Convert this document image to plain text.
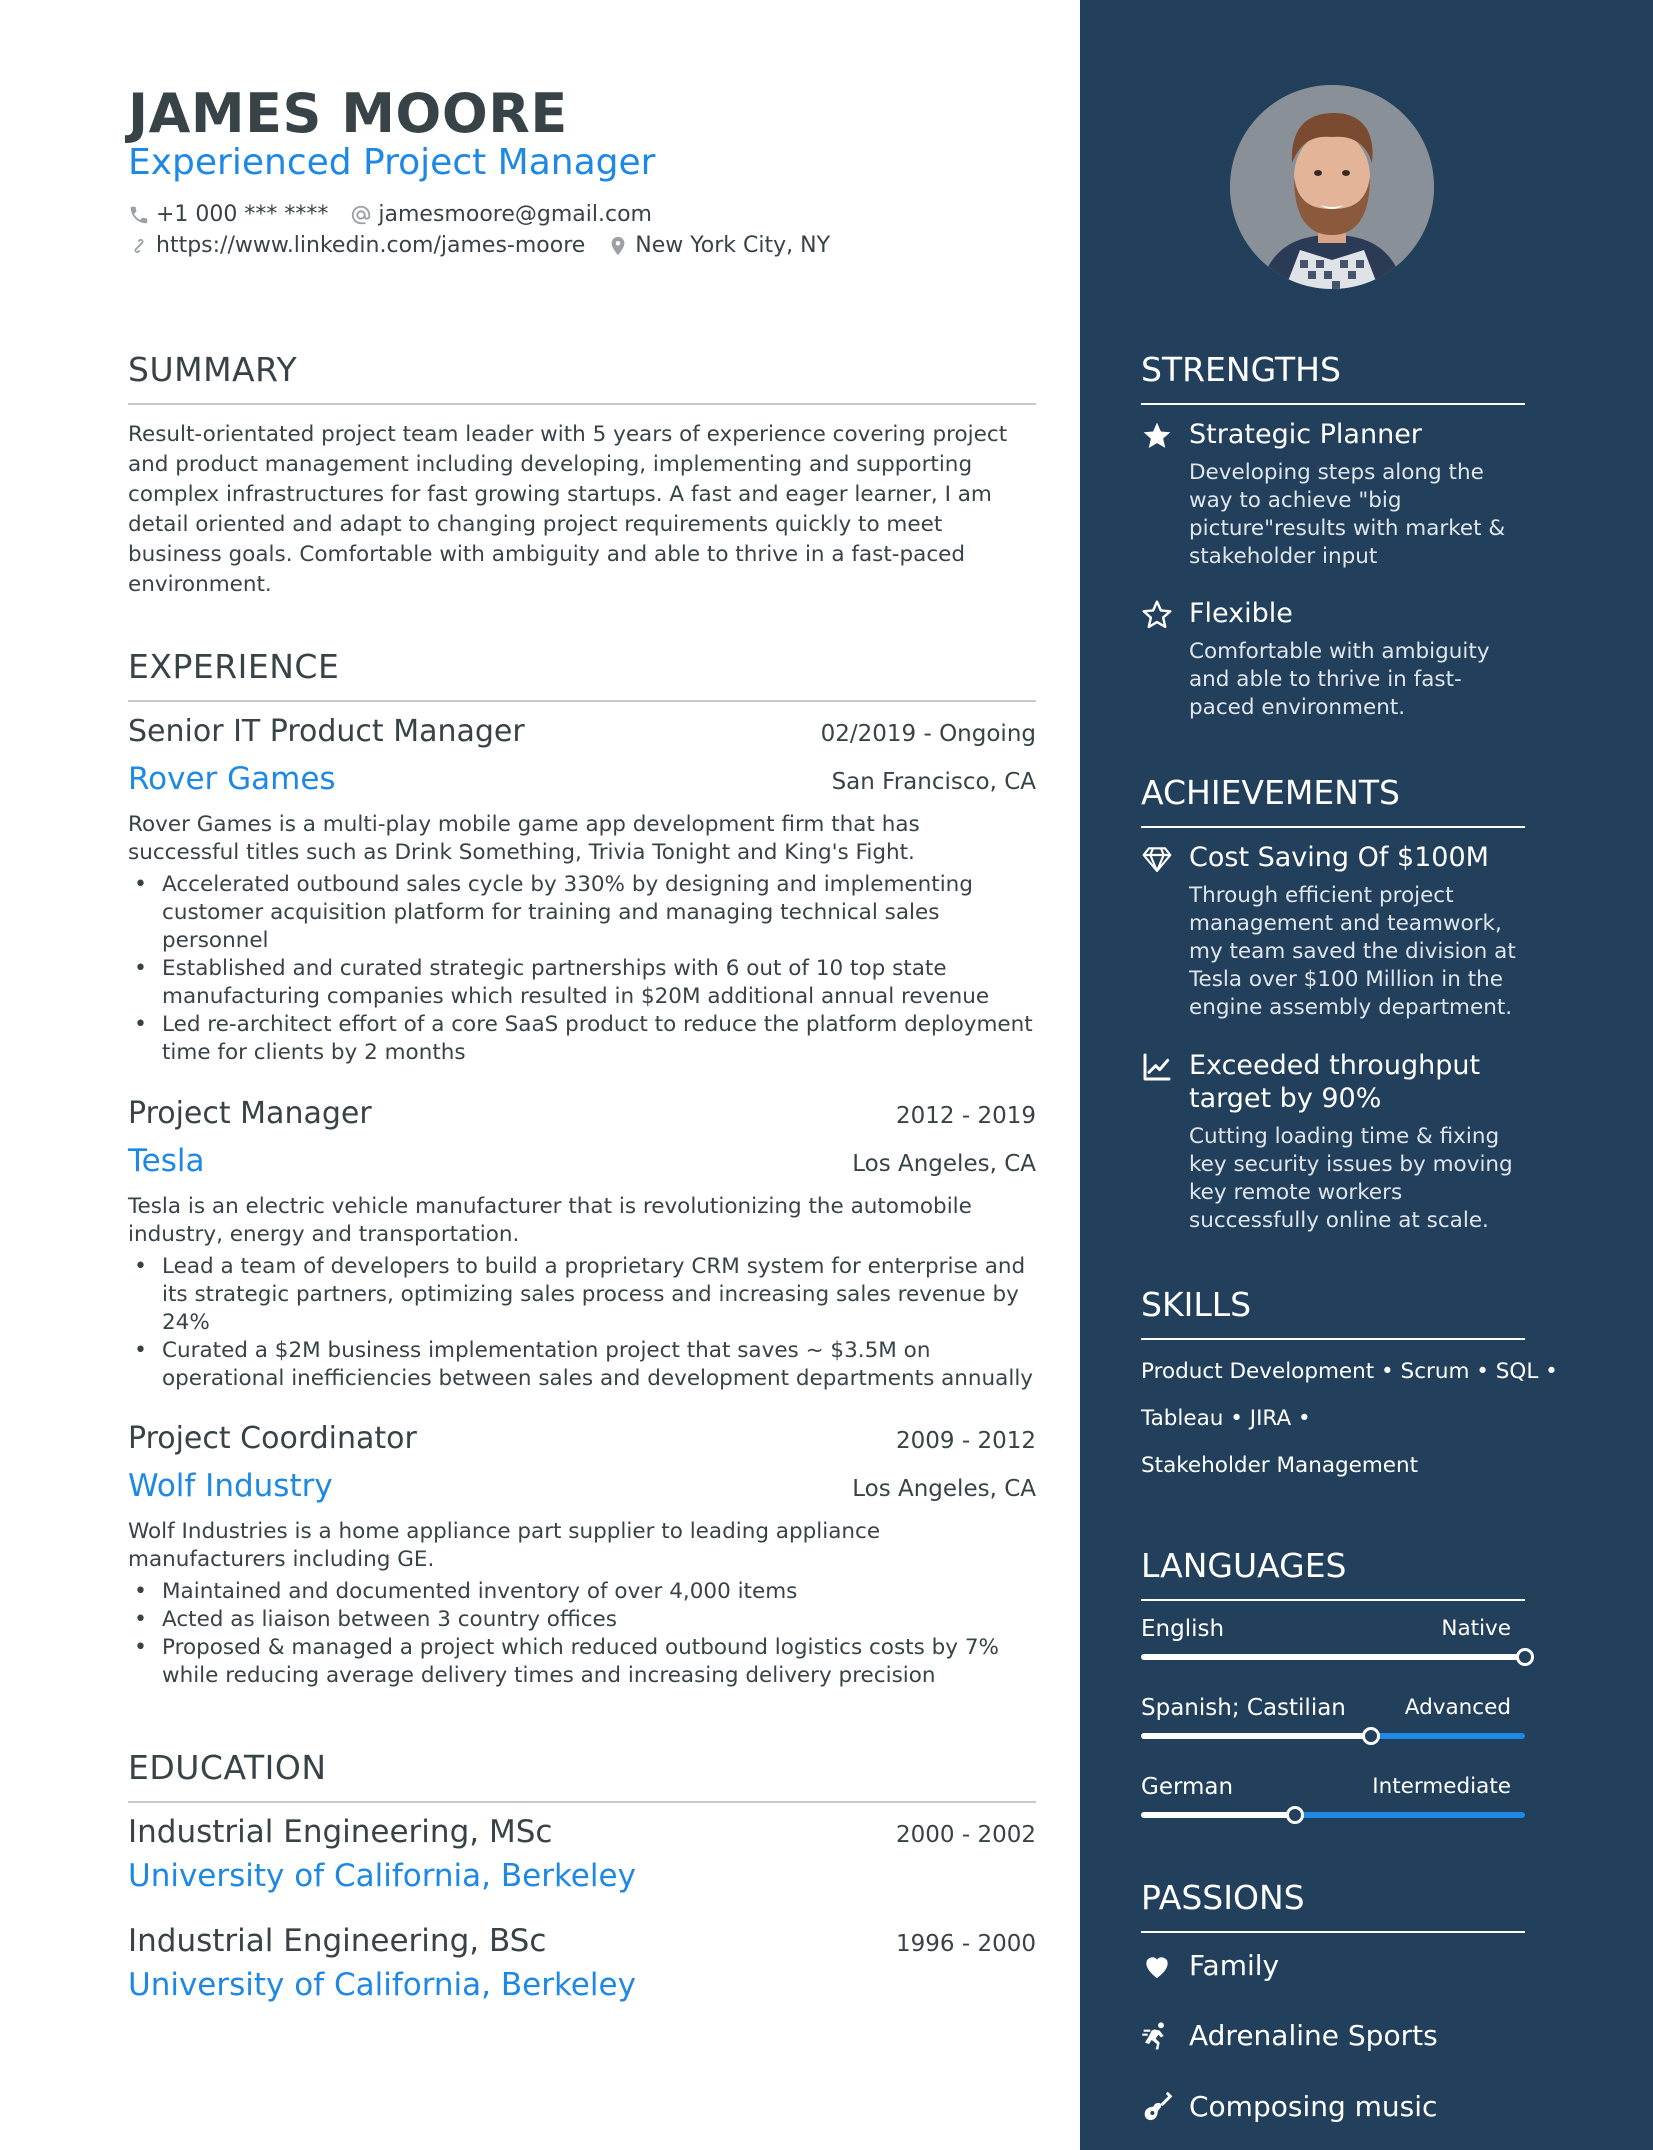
JAMES MOORE
Experienced Project Manager
+1 000 *** **** jamesmoore@gmail.com
https://www.linkedin.com/james-moore New York City, NY
SUMMARY
Result-orientated project team leader with 5 years of experience covering project and product management including developing, implementing and supporting complex infrastructures for fast growing startups. A fast and eager learner, I am detail oriented and adapt to changing project requirements quickly to meet business goals. Comfortable with ambiguity and able to thrive in a fast-paced environment.
EXPERIENCE
Senior IT Product Manager	02/2019 - Ongoing
Rover Games	San Francisco, CA
Rover Games is a multi-play mobile game app development firm that has successful titles such as Drink Something, Trivia Tonight and King's Fight.
• Accelerated outbound sales cycle by 330% by designing and implementing customer acquisition platform for training and managing technical sales personnel
• Established and curated strategic partnerships with 6 out of 10 top state manufacturing companies which resulted in $20M additional annual revenue
• Led re-architect effort of a core SaaS product to reduce the platform deployment time for clients by 2 months
Project Manager	2012 - 2019
Tesla	Los Angeles, CA
Tesla is an electric vehicle manufacturer that is revolutionizing the automobile industry, energy and transportation.
• Lead a team of developers to build a proprietary CRM system for enterprise and its strategic partners, optimizing sales process and increasing sales revenue by 24%
• Curated a $2M business implementation project that saves ~ $3.5M on operational inefficiencies between sales and development departments annually
Project Coordinator	2009 - 2012
Wolf Industry	Los Angeles, CA
Wolf Industries is a home appliance part supplier to leading appliance manufacturers including GE.
• Maintained and documented inventory of over 4,000 items
• Acted as liaison between 3 country offices
• Proposed & managed a project which reduced outbound logistics costs by 7% while reducing average delivery times and increasing delivery precision
EDUCATION
Industrial Engineering, MSc	2000 - 2002
University of California, Berkeley
Industrial Engineering, BSc	1996 - 2000
University of California, Berkeley
STRENGTHS
Strategic Planner
Developing steps along the way to achieve "big picture"results with market & stakeholder input
Flexible
Comfortable with ambiguity and able to thrive in fast-paced environment.
ACHIEVEMENTS
Cost Saving Of $100M
Through efficient project management and teamwork, my team saved the division at Tesla over $100 Million in the engine assembly department.
Exceeded throughput target by 90%
Cutting loading time & fixing key security issues by moving key remote workers successfully online at scale.
SKILLS
Product Development • Scrum • SQL •
Tableau • JIRA •
Stakeholder Management
LANGUAGES
English	Native
Spanish; Castilian	Advanced
German	Intermediate
PASSIONS
Family
Adrenaline Sports
Composing music
